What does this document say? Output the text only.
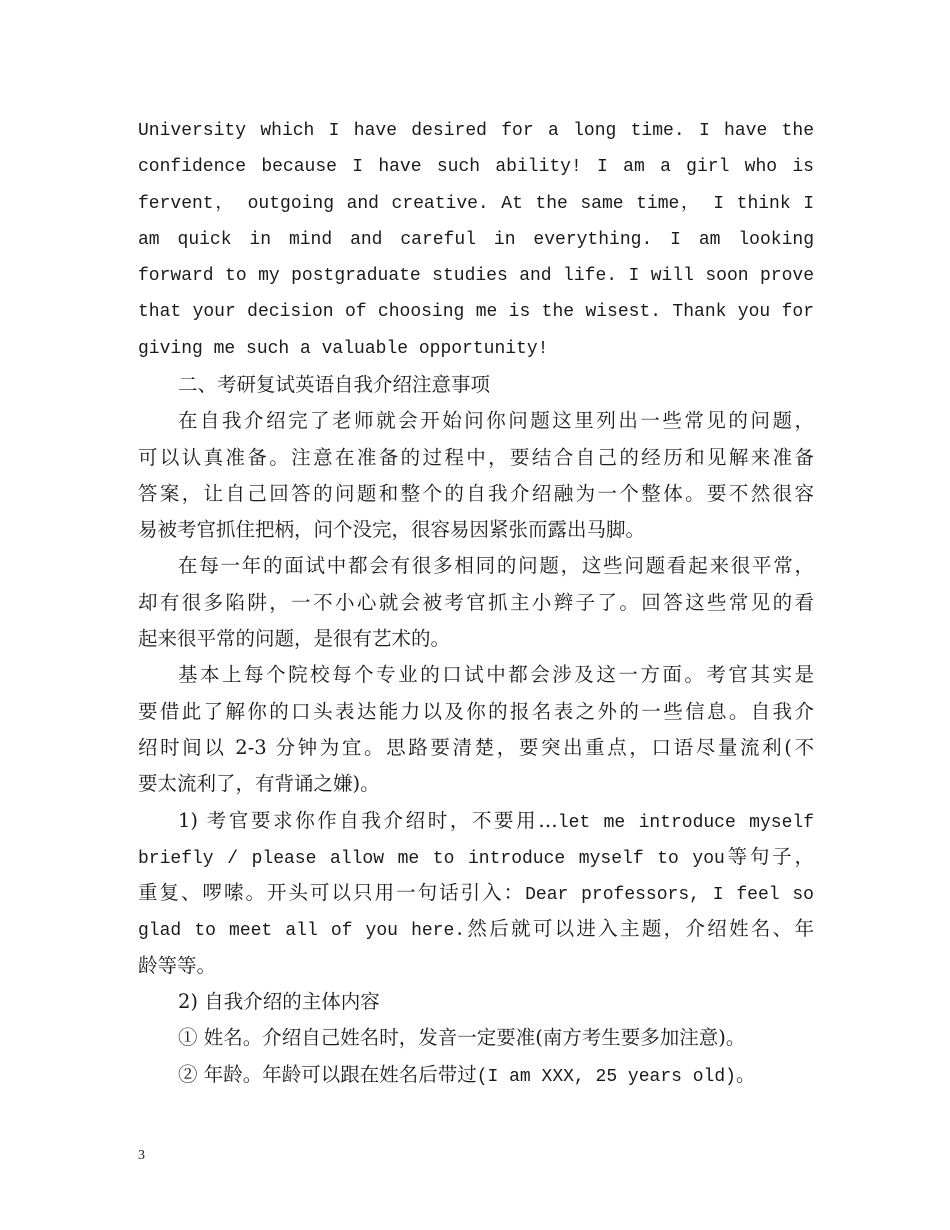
University which I have desired for a long time. I have the
confidence because I have such ability! I am a girl who is
fervent， outgoing and creative. At the same time， I think I
am quick in mind and careful in everything. I am looking
forward to my postgraduate studies and life. I will soon prove
that your decision of choosing me is the wisest. Thank you for
giving me such a valuable opportunity!
二、考研复试英语自我介绍注意事项
在自我介绍完了老师就会开始问你问题这里列出一些常见的问题，
可以认真准备。注意在准备的过程中，要结合自己的经历和见解来准备
答案，让自己回答的问题和整个的自我介绍融为一个整体。要不然很容
易被考官抓住把柄，问个没完，很容易因紧张而露出马脚。
在每一年的面试中都会有很多相同的问题，这些问题看起来很平常，
却有很多陷阱，一不小心就会被考官抓主小辫子了。回答这些常见的看
起来很平常的问题，是很有艺术的。
基本上每个院校每个专业的口试中都会涉及这一方面。考官其实是
要借此了解你的口头表达能力以及你的报名表之外的一些信息。自我介
绍时间以 2-3 分钟为宜。思路要清楚，要突出重点，口语尽量流利(不
要太流利了，有背诵之嫌)。
1) 考官要求你作自我介绍时，不要用…let me introduce myself
briefly / please allow me to introduce myself to you等句子，
重复、啰嗦。开头可以只用一句话引入：Dear professors, I feel so
glad to meet all of you here.然后就可以进入主题，介绍姓名、年
龄等等。
2) 自我介绍的主体内容
① 姓名。介绍自己姓名时，发音一定要准(南方考生要多加注意)。
② 年龄。年龄可以跟在姓名后带过(I am XXX, 25 years old)。
3
